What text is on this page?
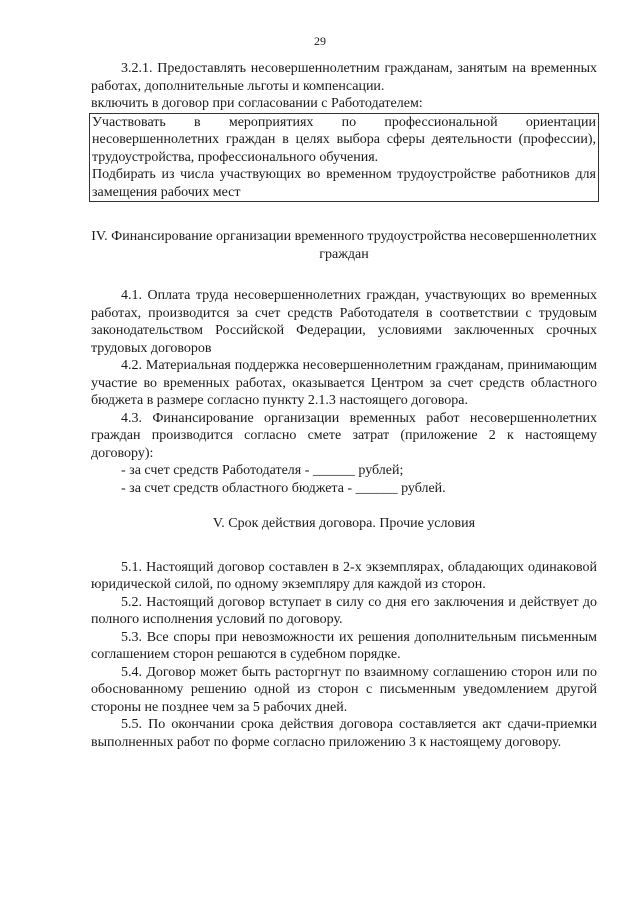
29

3.2.1. Предоставлять несовершеннолетним гражданам, занятым на временных работах, дополнительные льготы и компенсации.

включить в договор при согласовании с Работодателем:

Участвовать в мероприятиях по профессиональной ориентации несовершеннолетних граждан в целях выбора сферы деятельности (профессии), трудоустройства, профессионального обучения.

Подбирать из числа участвующих во временном трудоустройстве работников для замещения рабочих мест

IV. Финансирование организации временного трудоустройства несовершеннолетних граждан

4.1. Оплата труда несовершеннолетних граждан, участвующих во временных работах, производится за счет средств Работодателя в соответствии с трудовым законодательством Российской Федерации, условиями заключенных срочных трудовых договоров

4.2. Материальная поддержка несовершеннолетним гражданам, принимающим участие во временных работах, оказывается Центром за счет средств областного бюджета в размере согласно пункту 2.1.3 настоящего договора.

4.3. Финансирование организации временных работ несовершеннолетних граждан производится согласно смете затрат (приложение 2 к настоящему договору):

- за счет средств Работодателя - ______ рублей;

- за счет средств областного бюджета - ______ рублей.

V. Срок действия договора. Прочие условия

5.1. Настоящий договор составлен в 2-х экземплярах, обладающих одинаковой юридической силой, по одному экземпляру для каждой из сторон.

5.2. Настоящий договор вступает в силу со дня его заключения и действует до полного исполнения условий по договору.

5.3. Все споры при невозможности их решения дополнительным письменным соглашением сторон решаются в судебном порядке.

5.4. Договор может быть расторгнут по взаимному соглашению сторон или по обоснованному решению одной из сторон с письменным уведомлением другой стороны не позднее чем за 5 рабочих дней.

5.5. По окончании срока действия договора составляется акт сдачи-приемки выполненных работ по форме согласно приложению 3 к настоящему договору.
